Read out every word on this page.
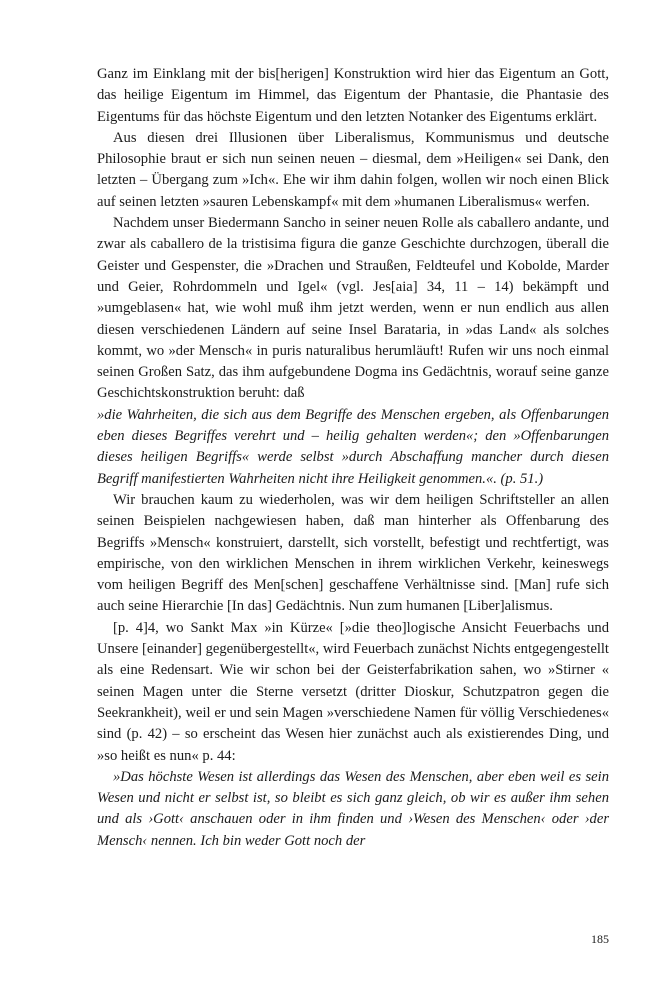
Ganz im Einklang mit der bis[herigen] Konstruktion wird hier das Eigentum an Gott, das heilige Eigentum im Himmel, das Eigentum der Phantasie, die Phantasie des Eigentums für das höchste Eigentum und den letzten Notanker des Eigentums erklärt.

Aus diesen drei Illusionen über Liberalismus, Kommunismus und deutsche Philosophie braut er sich nun seinen neuen – diesmal, dem »Heiligen« sei Dank, den letzten – Übergang zum »Ich«. Ehe wir ihm dahin folgen, wollen wir noch einen Blick auf seinen letzten »sauren Lebenskampf« mit dem »humanen Liberalismus« werfen.

Nachdem unser Biedermann Sancho in seiner neuen Rolle als caballero andante, und zwar als caballero de la tristisima figura die ganze Geschichte durchzogen, überall die Geister und Gespenster, die »Drachen und Straußen, Feldteufel und Kobolde, Marder und Geier, Rohrdommeln und Igel« (vgl. Jes[aia] 34, 11 – 14) bekämpft und »umgeblasen« hat, wie wohl muß ihm jetzt werden, wenn er nun endlich aus allen diesen verschiedenen Ländern auf seine Insel Barataria, in »das Land« als solches kommt, wo »der Mensch« in puris naturalibus herumläuft! Rufen wir uns noch einmal seinen Großen Satz, das ihm aufgebundene Dogma ins Gedächtnis, worauf seine ganze Geschichtskonstruktion beruht: daß

»die Wahrheiten, die sich aus dem Begriffe des Menschen ergeben, als Offenbarungen eben dieses Begriffes verehrt und – heilig gehalten werden«; den »Offenbarungen dieses heiligen Begriffs« werde selbst »durch Abschaffung mancher durch diesen Begriff manifestierten Wahrheiten nicht ihre Heiligkeit genommen.«. (p. 51.)

Wir brauchen kaum zu wiederholen, was wir dem heiligen Schriftsteller an allen seinen Beispielen nachgewiesen haben, daß man hinterher als Offenbarung des Begriffs »Mensch« konstruiert, darstellt, sich vorstellt, befestigt und rechtfertigt, was empirische, von den wirklichen Menschen in ihrem wirklichen Verkehr, keineswegs vom heiligen Begriff des Men[schen] geschaffene Verhältnisse sind. [Man] rufe sich auch seine Hierarchie [In das] Gedächtnis. Nun zum humanen [Liber]alismus.

[p. 4]4, wo Sankt Max »in Kürze« [»die theo]logische Ansicht Feuerbachs und Unsere [einander] gegenübergestellt«, wird Feuerbach zunächst Nichts entgegengestellt als eine Redensart. Wie wir schon bei der Geisterfabrikation sahen, wo »Stirner « seinen Magen unter die Sterne versetzt (dritter Dioskur, Schutzpatron gegen die Seekrankheit), weil er und sein Magen »verschiedene Namen für völlig Verschiedenes« sind (p. 42) – so erscheint das Wesen hier zunächst auch als existierendes Ding, und »so heißt es nun« p. 44:

»Das höchste Wesen ist allerdings das Wesen des Menschen, aber eben weil es sein Wesen und nicht er selbst ist, so bleibt es sich ganz gleich, ob wir es außer ihm sehen und als ›Gott‹ anschauen oder in ihm finden und ›Wesen des Menschen‹ oder ›der Mensch‹ nennen. Ich bin weder Gott noch der

185
